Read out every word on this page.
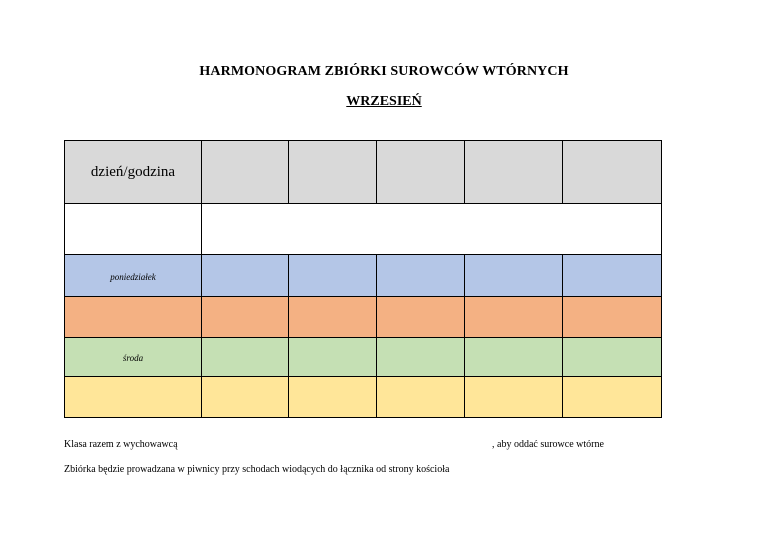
HARMONOGRAM ZBIÓRKI SUROWCÓW WTÓRNYCH
WRZESIEŃ
dzień/godzina					

poniedziałek					

środa					

Klasa razem z wychowawcą	, aby oddać surowce wtórne
Zbiórka będzie prowadzana w piwnicy przy schodach wiodących do łącznika od strony kościoła
